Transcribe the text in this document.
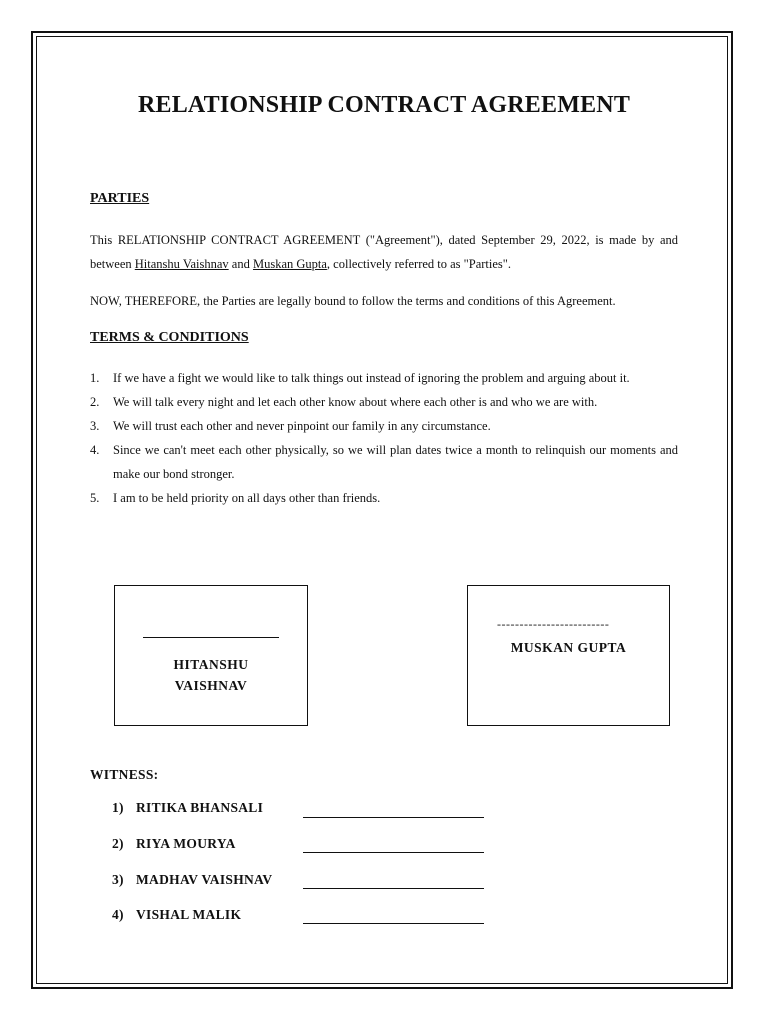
RELATIONSHIP CONTRACT AGREEMENT
PARTIES
This RELATIONSHIP CONTRACT AGREEMENT ("Agreement"), dated September 29, 2022, is made by and between Hitanshu Vaishnav and Muskan Gupta, collectively referred to as "Parties".
NOW, THEREFORE, the Parties are legally bound to follow the terms and conditions of this Agreement.
TERMS & CONDITIONS
1. If we have a fight we would like to talk things out instead of ignoring the problem and arguing about it.
2. We will talk every night and let each other know about where each other is and who we are with.
3. We will trust each other and never pinpoint our family in any circumstance.
4. Since we can't meet each other physically, so we will plan dates twice a month to relinquish our moments and make our bond stronger.
5. I am to be held priority on all days other than friends.
HITANSHU
VAISHNAV
-------------------------
MUSKAN GUPTA
WITNESS:
1) RITIKA BHANSALI
2) RIYA MOURYA
3) MADHAV VAISHNAV
4) VISHAL MALIK
